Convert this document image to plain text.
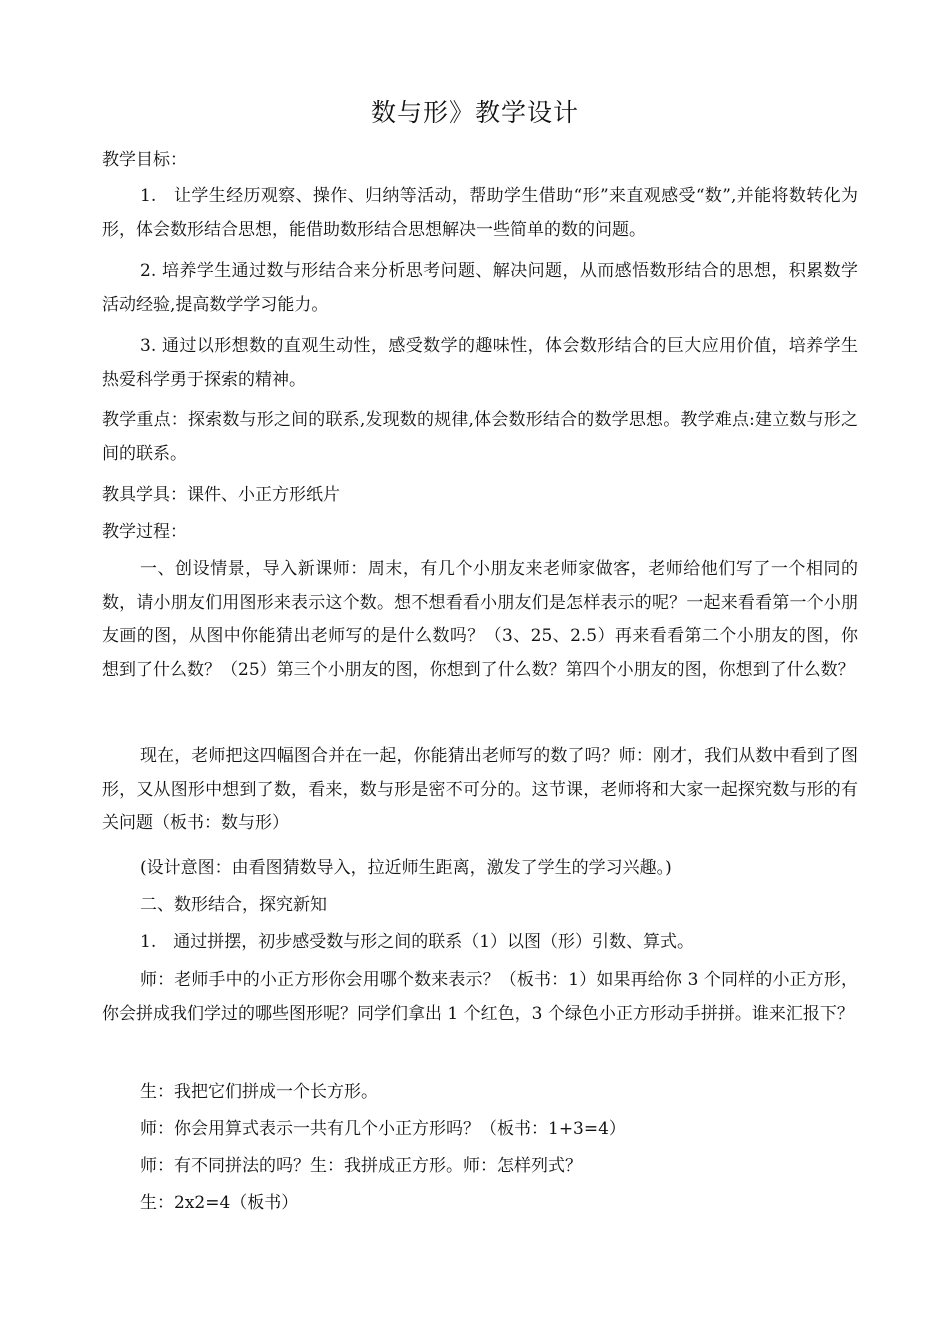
数与形》教学设计

教学目标：

1.　让学生经历观察、操作、归纳等活动，帮助学生借助“形”来直观感受“数”,并能将数转化为形，体会数形结合思想，能借助数形结合思想解决一些简单的数的问题。

2. 培养学生通过数与形结合来分析思考问题、解决问题，从而感悟数形结合的思想，积累数学活动经验,提高数学学习能力。

3. 通过以形想数的直观生动性，感受数学的趣味性，体会数形结合的巨大应用价值，培养学生热爱科学勇于探索的精神。

教学重点：探索数与形之间的联系,发现数的规律,体会数形结合的数学思想。教学难点:建立数与形之间的联系。

教具学具：课件、小正方形纸片

教学过程：

一、创设情景，导入新课师：周末，有几个小朋友来老师家做客，老师给他们写了一个相同的数，请小朋友们用图形来表示这个数。想不想看看小朋友们是怎样表示的呢？一起来看看第一个小朋友画的图，从图中你能猜出老师写的是什么数吗？（3、25、2.5）再来看看第二个小朋友的图，你想到了什么数？（25）第三个小朋友的图，你想到了什么数？第四个小朋友的图，你想到了什么数？

现在，老师把这四幅图合并在一起，你能猜出老师写的数了吗？师：刚才，我们从数中看到了图形，又从图形中想到了数，看来，数与形是密不可分的。这节课，老师将和大家一起探究数与形的有关问题（板书：数与形）

(设计意图：由看图猜数导入，拉近师生距离，激发了学生的学习兴趣。)

二、数形结合，探究新知

1.　通过拼摆，初步感受数与形之间的联系（1）以图（形）引数、算式。

师：老师手中的小正方形你会用哪个数来表示？（板书：1）如果再给你 3 个同样的小正方形，你会拼成我们学过的哪些图形呢？同学们拿出 1 个红色，3 个绿色小正方形动手拼拼。谁来汇报下？

生：我把它们拼成一个长方形。

师：你会用算式表示一共有几个小正方形吗？（板书：1+3=4）

师：有不同拼法的吗？生：我拼成正方形。师：怎样列式？

生：2x2=4（板书）
